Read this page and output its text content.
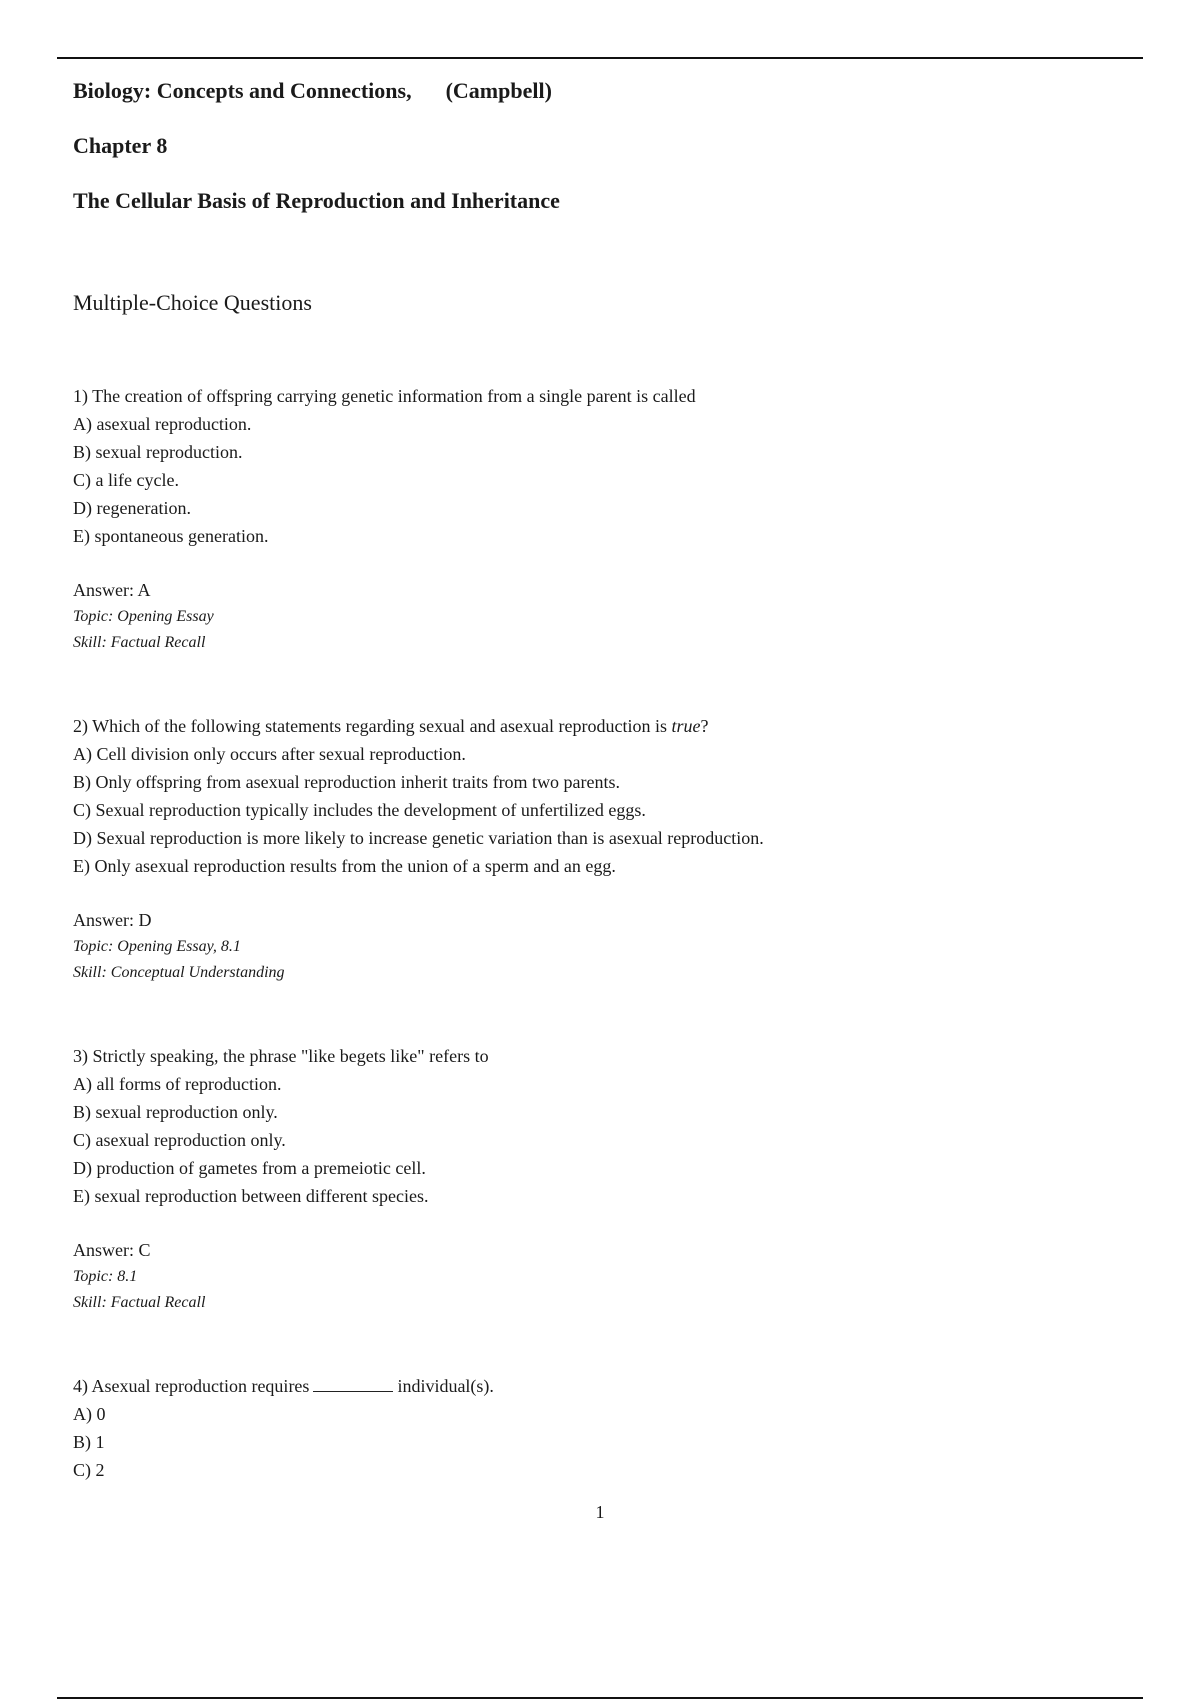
Biology: Concepts and Connections, (Campbell)
Chapter 8
The Cellular Basis of Reproduction and Inheritance
Multiple-Choice Questions
1) The creation of offspring carrying genetic information from a single parent is called
A) asexual reproduction.
B) sexual reproduction.
C) a life cycle.
D) regeneration.
E) spontaneous generation.
Answer: A
Topic: Opening Essay
Skill: Factual Recall
2) Which of the following statements regarding sexual and asexual reproduction is true?
A) Cell division only occurs after sexual reproduction.
B) Only offspring from asexual reproduction inherit traits from two parents.
C) Sexual reproduction typically includes the development of unfertilized eggs.
D) Sexual reproduction is more likely to increase genetic variation than is asexual reproduction.
E) Only asexual reproduction results from the union of a sperm and an egg.
Answer: D
Topic: Opening Essay, 8.1
Skill: Conceptual Understanding
3) Strictly speaking, the phrase "like begets like" refers to
A) all forms of reproduction.
B) sexual reproduction only.
C) asexual reproduction only.
D) production of gametes from a premeiotic cell.
E) sexual reproduction between different species.
Answer: C
Topic: 8.1
Skill: Factual Recall
4) Asexual reproduction requires	individual(s).
A) 0
B) 1
C) 2
1
